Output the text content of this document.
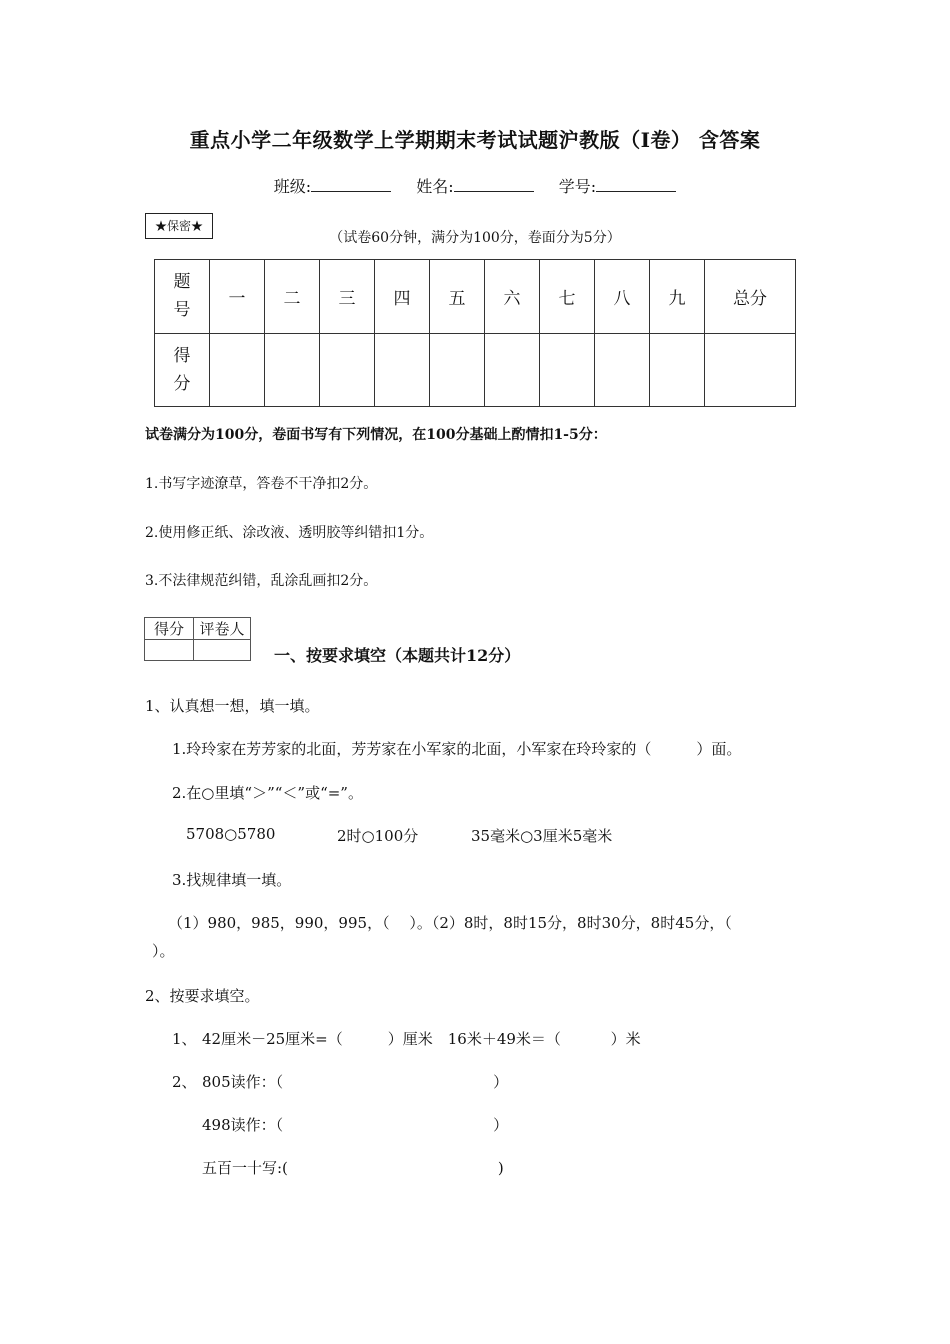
重点小学二年级数学上学期期末考试试题沪教版（I卷） 含答案
班级:	姓名:	学号:
★保密★
（试卷60分钟，满分为100分，卷面分为5分）
题
号	一	二	三	四	五	六	七	八	九	总分

得
分										

试卷满分为100分，卷面书写有下列情况，在100分基础上酌情扣1-5分：
1.书写字迹潦草，答卷不干净扣2分。
2.使用修正纸、涂改液、透明胶等纠错扣1分。
3.不法律规范纠错，乱涂乱画扣2分。
得分	评卷人

一、按要求填空（本题共计12分）
1、认真想一想，填一填。
1.玲玲家在芳芳家的北面，芳芳家在小军家的北面，小军家在玲玲家的（　　　）面。
2.在○里填“＞”“＜”或“=”。
5708○5780	2时○100分	35毫米○3厘米5毫米
3.找规律填一填。
（1）980，985，990，995，（　 ）。（2）8时，8时15分，8时30分，8时45分，（
）。
2、按要求填空。
1、 42厘米－25厘米=（　　　）厘米　16米＋49米＝（　　　 ）米
2、 805读作：（　　　　　　　　　　　　　　）
498读作：（　　　　　　　　　　　　　　）
五百一十写:(　　　　　　　　　　　　　　)
